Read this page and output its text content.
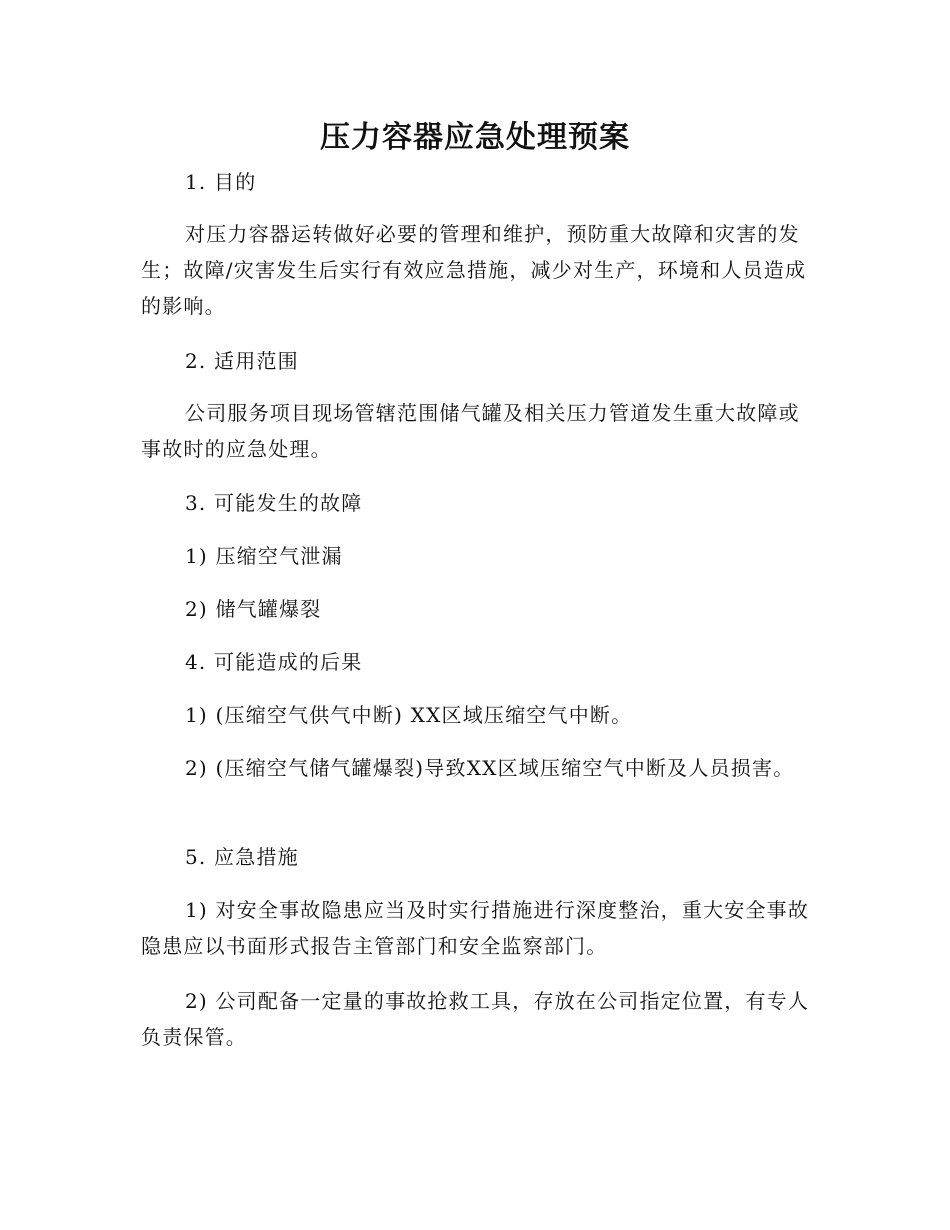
压力容器应急处理预案

1. 目的

对压力容器运转做好必要的管理和维护，预防重大故障和灾害的发生；故障/灾害发生后实行有效应急措施，减少对生产，环境和人员造成的影响。

2. 适用范围

公司服务项目现场管辖范围储气罐及相关压力管道发生重大故障或事故时的应急处理。

3. 可能发生的故障

1) 压缩空气泄漏

2) 储气罐爆裂

4. 可能造成的后果

1) (压缩空气供气中断) XX区域压缩空气中断。

2) (压缩空气储气罐爆裂)导致XX区域压缩空气中断及人员损害。

5. 应急措施

1) 对安全事故隐患应当及时实行措施进行深度整治，重大安全事故隐患应以书面形式报告主管部门和安全监察部门。

2) 公司配备一定量的事故抢救工具，存放在公司指定位置，有专人负责保管。
